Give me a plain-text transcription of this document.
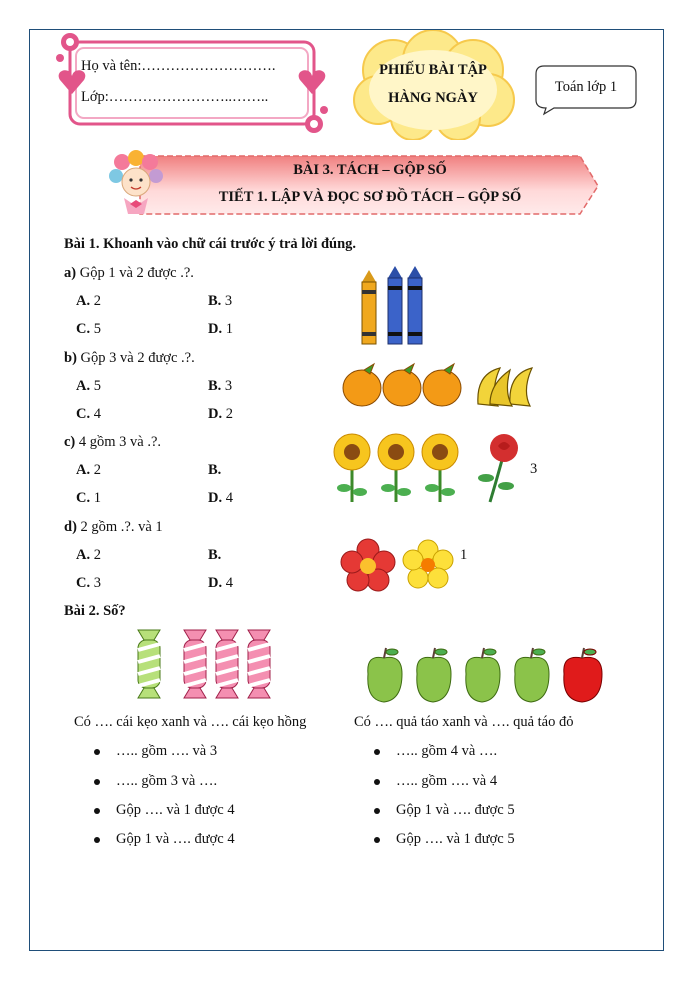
Họ và tên:……………………….
Lớp:……………………..……..
PHIẾU BÀI TẬP
HÀNG NGÀY
Toán lớp 1
BÀI 3. TÁCH – GỘP SỐ
TIẾT 1. LẬP VÀ ĐỌC SƠ ĐỒ TÁCH – GỘP SỐ
Bài 1. Khoanh vào chữ cái trước ý trả lời đúng.
a) Gộp 1 và 2 được .?.
A. 2	B. 3
C. 5	D. 1
b) Gộp 3 và 2 được .?.
A. 5	B. 3
C. 4	D. 2
c) 4 gồm 3 và .?.
A. 2	B.
C. 1	D. 4
3
d) 2 gồm .?. và 1
A. 2	B.
C. 3	D. 4
1
Bài 2. Số?
Có …. cái kẹo xanh và …. cái kẹo hồng	Có …. quả táo xanh và …. quả táo đỏ
….. gồm …. và 3
….. gồm 3 và ….
Gộp …. và 1 được 4
Gộp 1 và …. được 4
….. gồm 4 và ….
….. gồm …. và 4
Gộp 1 và …. được 5
Gộp …. và 1 được 5
